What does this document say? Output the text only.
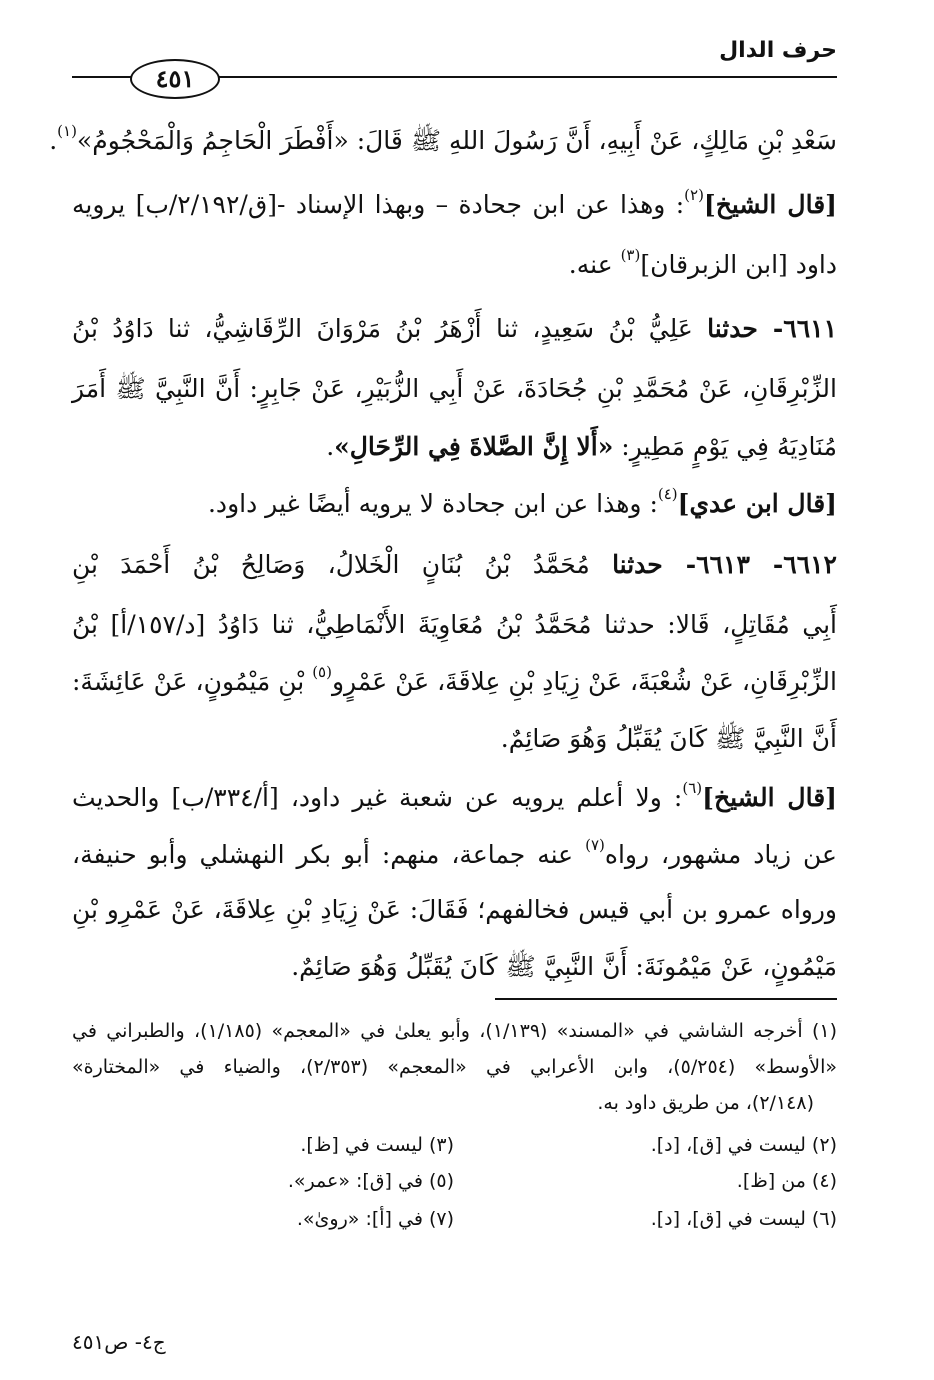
حرف الدال
٤٥١
سَعْدِ بْنِ مَالِكٍ، عَنْ أَبِيهِ، أَنَّ رَسُولَ اللهِ ﷺ قَالَ: «أَفْطَرَ الْحَاجِمُ وَالْمَحْجُومُ»$^{(١)}$.
[قال الشيخ]$^{(٢)}$: وهذا عن ابن جحادة – وبهذا الإسناد -[ق/٢/١٩٢/ب] يرويه
داود [ابن الزبرقان]$^{(٣)}$ عنه.
٦٦١١- حدثنا عَلِيُّ بْنُ سَعِيدٍ، ثنا أَزْهَرُ بْنُ مَرْوَانَ الرِّقَاشِيُّ، ثنا دَاوُدُ بْنُ
الزِّبْرِقَانِ، عَنْ مُحَمَّدِ بْنِ جُحَادَةَ، عَنْ أَبِي الزُّبَيْرِ، عَنْ جَابِرٍ: أَنَّ النَّبِيَّ ﷺ أَمَرَ
مُنَادِيَهُ فِي يَوْمٍ مَطِيرٍ: «أَلا إِنَّ الصَّلاةَ فِي الرِّحَالِ».
[قال ابن عدي]$^{(٤)}$: وهذا عن ابن جحادة لا يرويه أيضًا غير داود.
٦٦١٢- ٦٦١٣- حدثنا مُحَمَّدُ بْنُ بُنَانٍ الْخَلالُ، وَصَالِحُ بْنُ أَحْمَدَ بْنِ
أَبِي مُقَاتِلٍ، قَالا: حدثنا مُحَمَّدُ بْنُ مُعَاوِيَةَ الأَنْمَاطِيُّ، ثنا دَاوُدُ [د/١٥٧/أ] بْنُ
الزِّبْرِقَانِ، عَنْ شُعْبَةَ، عَنْ زِيَادِ بْنِ عِلاقَةَ، عَنْ عَمْرٍو$^{(٥)}$ بْنِ مَيْمُونٍ، عَنْ عَائِشَةَ:
أَنَّ النَّبِيَّ ﷺ كَانَ يُقَبِّلُ وَهُوَ صَائِمٌ.
[قال الشيخ]$^{(٦)}$: ولا أعلم يرويه عن شعبة غير داود، [أ/٣٣٤/ب] والحديث
عن زياد مشهور، رواه$^{(٧)}$ عنه جماعة، منهم: أبو بكر النهشلي وأبو حنيفة،
ورواه عمرو بن أبي قيس فخالفهم؛ فَقَالَ: عَنْ زِيَادِ بْنِ عِلاقَةَ، عَنْ عَمْرِو بْنِ
مَيْمُونٍ، عَنْ مَيْمُونَةَ: أَنَّ النَّبِيَّ ﷺ كَانَ يُقَبِّلُ وَهُوَ صَائِمٌ.
(١) أخرجه الشاشي في «المسند» (١/١٣٩)، وأبو يعلىٰ في «المعجم» (١/١٨٥)، والطبراني في
«الأوسط» (٥/٢٥٤)، وابن الأعرابي في «المعجم» (٢/٣٥٣)، والضياء في «المختارة»
(٢/١٤٨)، من طريق داود به.
(٢) ليست في [ق]، [د].
(٣) ليست في [ظ].
(٤) من [ظ].
(٥) في [ق]: «عمر».
(٦) ليست في [ق]، [د].
(٧) في [أ]: «روىٰ».
ج٤- ص٤٥١
